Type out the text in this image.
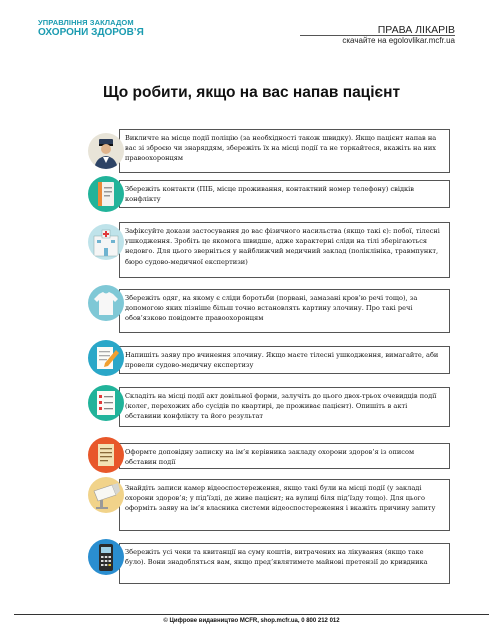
УПРАВЛІННЯ ЗАКЛАДОМ
ОХОРОНИ ЗДОРОВ’Я	ПРАВА ЛІКАРІВ
скачайте на egolovlikar.mcfr.ua
Що робити, якщо на вас напав пацієнт
Викличте на місце події поліцію (за необхідності також швидку). Якщо пацієнт напав на вас зі зброєю чи знаряддям, збережіть їх на місці події та не торкайтеся, вкажіть на них правоохоронцям
Збережіть контакти (ПІБ, місце проживання, контактний номер телефону) свідків конфлікту
Зафіксуйте докази застосування до вас фізичного насильства (якщо такі є): побої, тілесні ушкодження. Зробіть це якомога швидше, адже характерні сліди на тілі зберігаються недовго. Для цього зверніться у найближчий медичний заклад (поліклініка, травмпункт, бюро судово-медичної експертизи)
Збережіть одяг, на якому є сліди боротьби (порвані, замазані кров’ю речі тощо), за допомогою яких пізніше більш точно встановлять картину злочину. Про такі речі обов’язково повідомте правоохоронцям
Напишіть заяву про вчинення злочину. Якщо маєте тілесні ушкодження, вимагайте, аби провели судово-медичну експертизу
Складіть на місці події акт довільної форми, залучіть до цього двох-трьох очевидців події (колег, перехожих або сусідів по квартирі, де проживає пацієнт). Опишіть в акті обставини конфлікту та його результат
Оформте доповідну записку на ім’я керівника закладу охорони здоров’я із описом обставин події
Знайдіть записи камер відеоспостереження, якщо такі були на місці події (у закладі охорони здоров’я; у під’їзді, де живе пацієнт; на вулиці біля під’їзду тощо). Для цього оформіть заяву на ім’я власника системи відеоспостереження і вкажіть причину запиту
Збережіть усі чеки та квитанції на суму коштів, витрачених на лікування (якщо таке було). Вони знадобляться вам, якщо пред’являтимете майнові претензії до кривдника
© Цифрове видавництво MCFR, shop.mcfr.ua, 0 800 212 012
